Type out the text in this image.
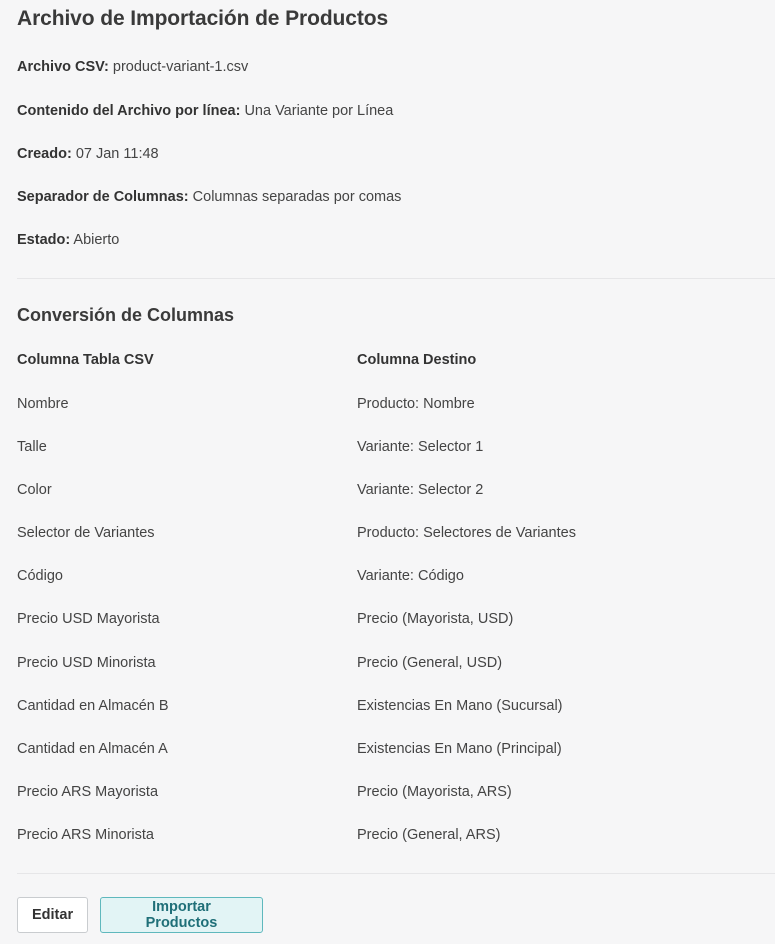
Archivo de Importación de Productos
Archivo CSV: product-variant-1.csv
Contenido del Archivo por línea: Una Variante por Línea
Creado: 07 Jan 11:48
Separador de Columnas: Columnas separadas por comas
Estado: Abierto
Conversión de Columnas
Columna Tabla CSV	Columna Destino
Nombre	Producto: Nombre
Talle	Variante: Selector 1
Color	Variante: Selector 2
Selector de Variantes	Producto: Selectores de Variantes
Código	Variante: Código
Precio USD Mayorista	Precio (Mayorista, USD)
Precio USD Minorista	Precio (General, USD)
Cantidad en Almacén B	Existencias En Mano (Sucursal)
Cantidad en Almacén A	Existencias En Mano (Principal)
Precio ARS Mayorista	Precio (Mayorista, ARS)
Precio ARS Minorista	Precio (General, ARS)
Editar	Importar Productos
